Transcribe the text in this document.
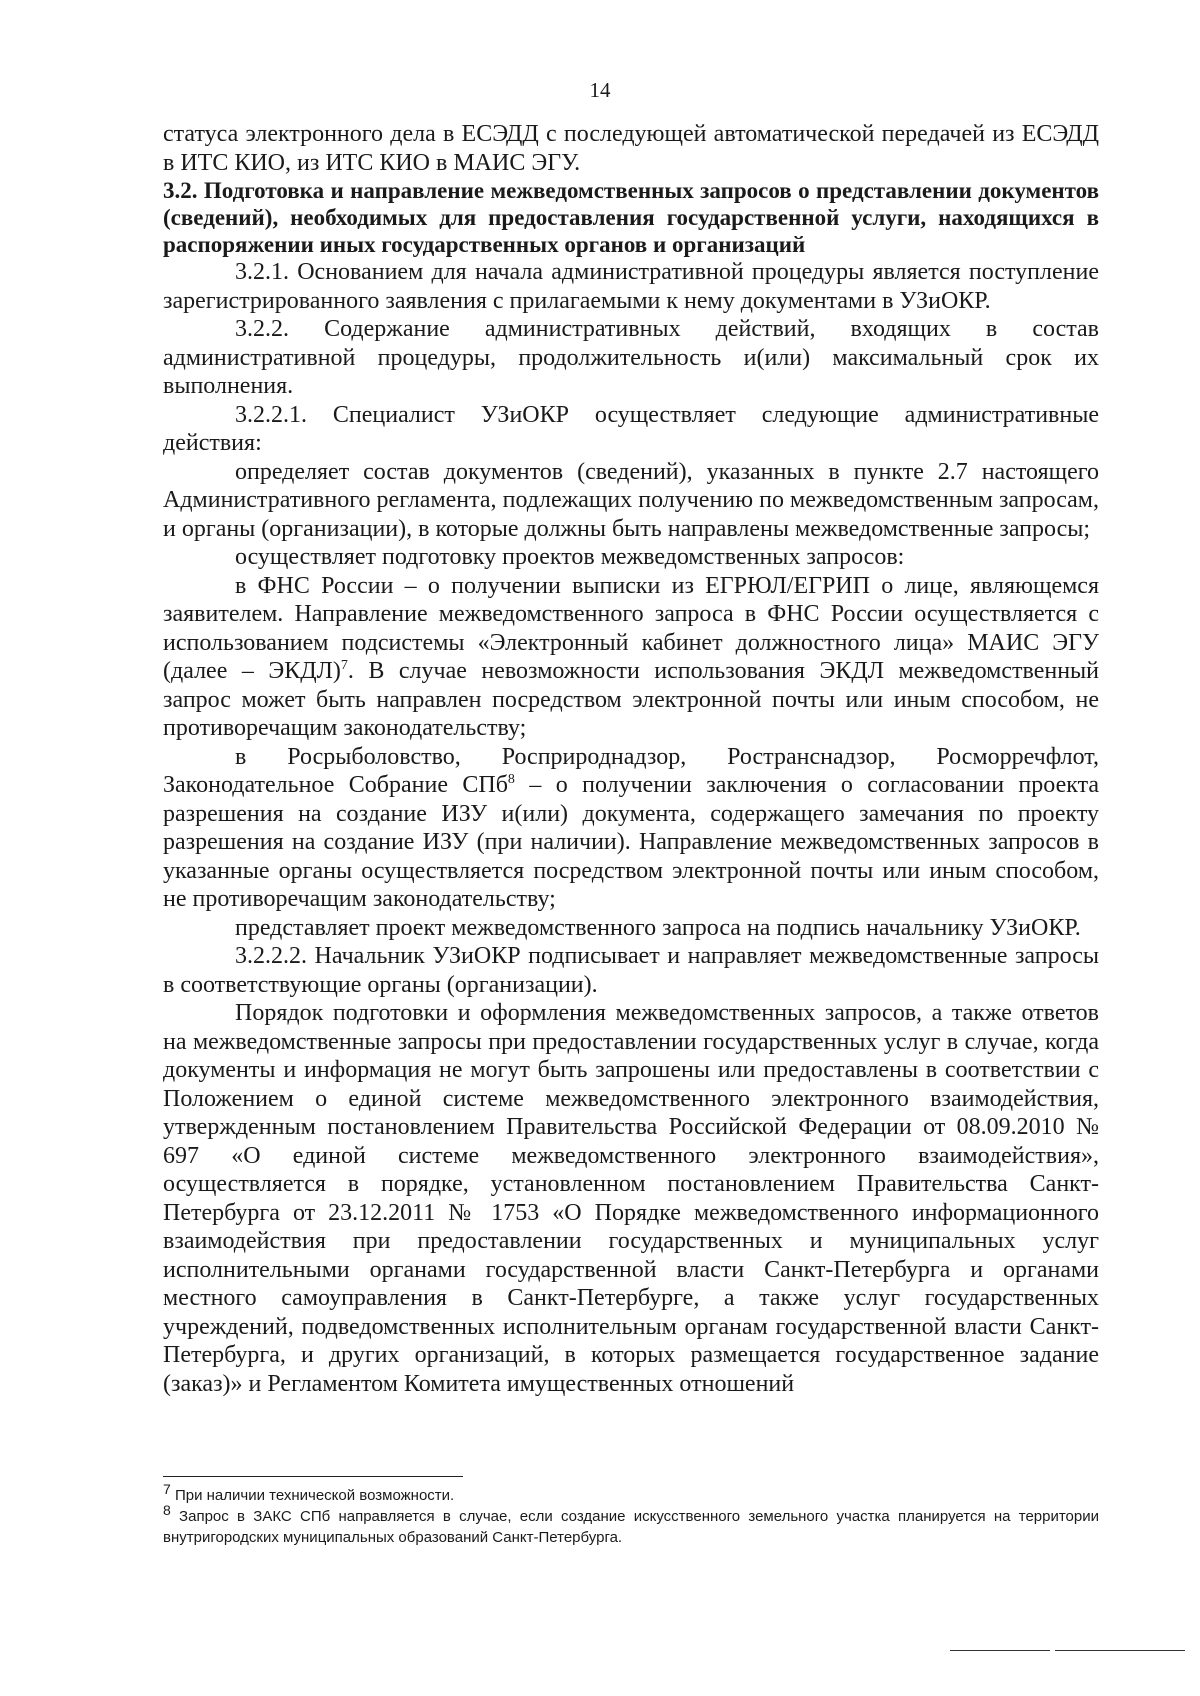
14

статуса электронного дела в ЕСЭДД с последующей автоматической передачей из ЕСЭДД в ИТС КИО, из ИТС КИО в МАИС ЭГУ.

3.2. Подготовка и направление межведомственных запросов о представлении документов (сведений), необходимых для предоставления государственной услуги, находящихся в распоряжении иных государственных органов и организаций

3.2.1. Основанием для начала административной процедуры является поступление зарегистрированного заявления с прилагаемыми к нему документами в УЗиОКР.

3.2.2. Содержание административных действий, входящих в состав административной процедуры, продолжительность и(или) максимальный срок их выполнения.

3.2.2.1. Специалист УЗиОКР осуществляет следующие административные действия:

определяет состав документов (сведений), указанных в пункте 2.7 настоящего Административного регламента, подлежащих получению по межведомственным запросам, и органы (организации), в которые должны быть направлены межведомственные запросы;

осуществляет подготовку проектов межведомственных запросов:

в ФНС России – о получении выписки из ЕГРЮЛ/ЕГРИП о лице, являющемся заявителем. Направление межведомственного запроса в ФНС России осуществляется с использованием подсистемы «Электронный кабинет должностного лица» МАИС ЭГУ (далее – ЭКДЛ)$^7$. В случае невозможности использования ЭКДЛ межведомственный запрос может быть направлен посредством электронной почты или иным способом, не противоречащим законодательству;

в Росрыболовство, Росприроднадзор, Ространснадзор, Росморречфлот, Законодательное Собрание СПб$^8$ – о получении заключения о согласовании проекта разрешения на создание ИЗУ и(или) документа, содержащего замечания по проекту разрешения на создание ИЗУ (при наличии). Направление межведомственных запросов в указанные органы осуществляется посредством электронной почты или иным способом, не противоречащим законодательству;

представляет проект межведомственного запроса на подпись начальнику УЗиОКР.

3.2.2.2. Начальник УЗиОКР подписывает и направляет межведомственные запросы в соответствующие органы (организации).

Порядок подготовки и оформления межведомственных запросов, а также ответов на межведомственные запросы при предоставлении государственных услуг в случае, когда документы и информация не могут быть запрошены или предоставлены в соответствии с Положением о единой системе межведомственного электронного взаимодействия, утвержденным постановлением Правительства Российской Федерации от 08.09.2010 № 697 «О единой системе межведомственного электронного взаимодействия», осуществляется в порядке, установленном постановлением Правительства Санкт-Петербурга от 23.12.2011 № 1753 «О Порядке межведомственного информационного взаимодействия при предоставлении государственных и муниципальных услуг исполнительными органами государственной власти Санкт-Петербурга и органами местного самоуправления в Санкт-Петербурге, а также услуг государственных учреждений, подведомственных исполнительным органам государственной власти Санкт-Петербурга, и других организаций, в которых размещается государственное задание (заказ)» и Регламентом Комитета имущественных отношений

$^7$ При наличии технической возможности.

$^8$ Запрос в ЗАКС СПб направляется в случае, если создание искусственного земельного участка планируется на территории внутригородских муниципальных образований Санкт-Петербурга.
